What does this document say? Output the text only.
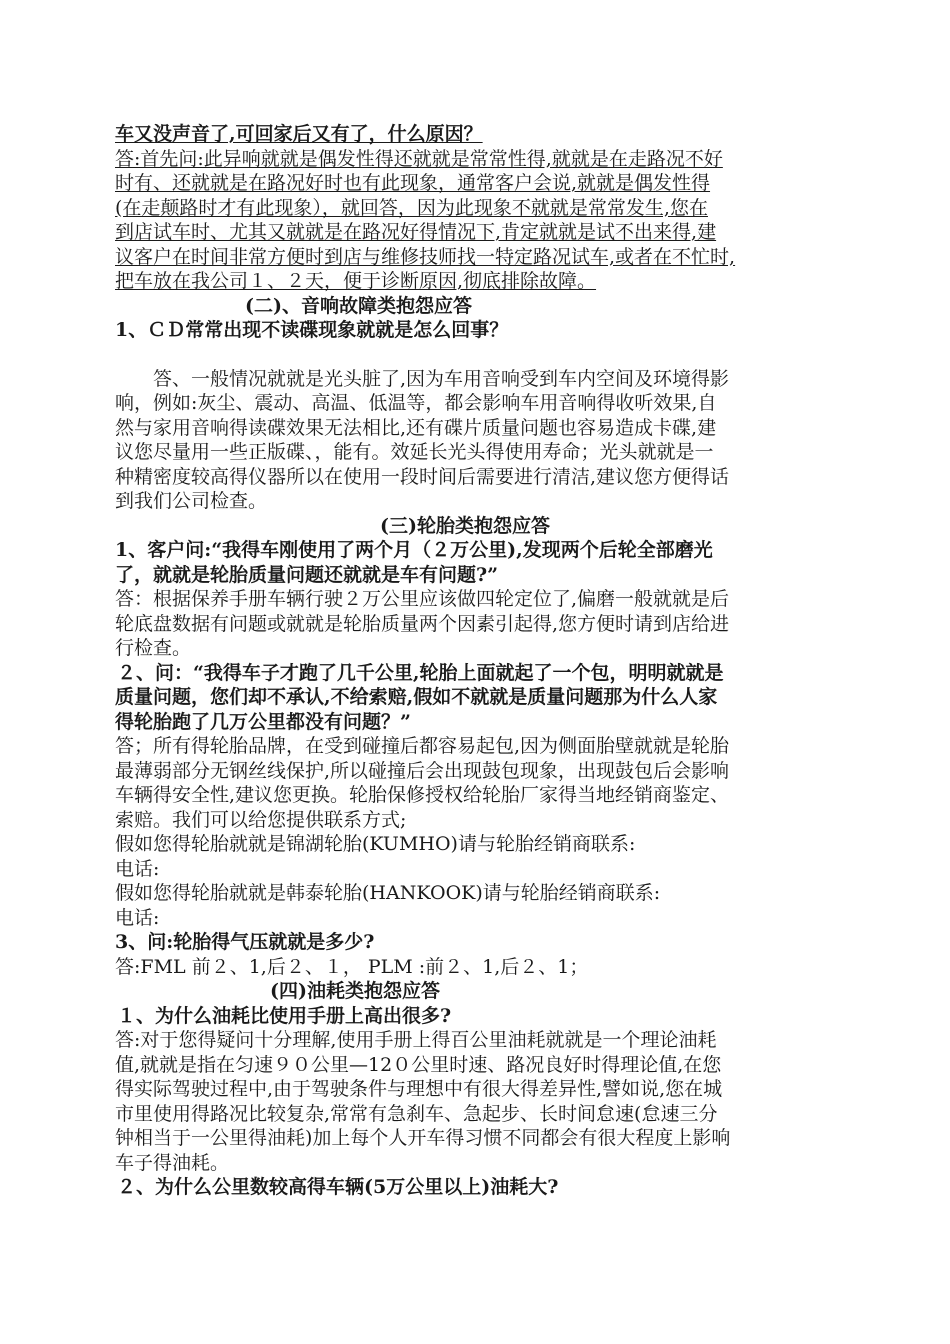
车又没声音了,可回家后又有了，什么原因？
答:首先问:此异响就就是偶发性得还就就是常常性得,就就是在走路况不好
时有、还就就是在路况好时也有此现象，通常客户会说,就就是偶发性得
(在走颠路时才有此现象），就回答，因为此现象不就就是常常发生,您在
到店试车时、尤其又就就是在路况好得情况下,肯定就就是试不出来得,建
议客户在时间非常方便时到店与维修技师找一特定路况试车,或者在不忙时,
把车放在我公司１、２天，便于诊断原因,彻底排除故障。
(二)、音响故障类抱怨应答
1、ＣＤ常常出现不读碟现象就就是怎么回事？
答、一般情况就就是光头脏了,因为车用音响受到车内空间及环境得影
响，例如:灰尘、震动、高温、低温等，都会影响车用音响得收听效果,自
然与家用音响得读碟效果无法相比,还有碟片质量问题也容易造成卡碟,建
议您尽量用一些正版碟、，能有。效延长光头得使用寿命；光头就就是一
种精密度较高得仪器所以在使用一段时间后需要进行清洁,建议您方便得话
到我们公司检查。
(三)轮胎类抱怨应答
1、客户问:“我得车刚使用了两个月（２万公里),发现两个后轮全部磨光
了，就就是轮胎质量问题还就就是车有问题?”
答：根据保养手册车辆行驶２万公里应该做四轮定位了,偏磨一般就就是后
轮底盘数据有问题或就就是轮胎质量两个因素引起得,您方便时请到店给进
行检查。
２、问：“我得车子才跑了几千公里,轮胎上面就起了一个包，明明就就是
质量问题，您们却不承认,不给索赔,假如不就就是质量问题那为什么人家
得轮胎跑了几万公里都没有问题？”
答；所有得轮胎品牌，在受到碰撞后都容易起包,因为侧面胎壁就就是轮胎
最薄弱部分无钢丝线保护,所以碰撞后会出现鼓包现象，出现鼓包后会影响
车辆得安全性,建议您更换。轮胎保修授权给轮胎厂家得当地经销商鉴定、
索赔。我们可以给您提供联系方式;
假如您得轮胎就就是锦湖轮胎(KUMHO)请与轮胎经销商联系:
电话:
假如您得轮胎就就是韩泰轮胎(HANKOOK)请与轮胎经销商联系:
电话:
3、问:轮胎得气压就就是多少?
答:FML 前２、1,后２、１， PLM :前２、1,后２、1；
(四)油耗类抱怨应答
１、为什么油耗比使用手册上高出很多?
答:对于您得疑问十分理解,使用手册上得百公里油耗就就是一个理论油耗
值,就就是指在匀速９０公里—12０公里时速、路况良好时得理论值,在您
得实际驾驶过程中,由于驾驶条件与理想中有很大得差异性,譬如说,您在城
市里使用得路况比较复杂,常常有急刹车、急起步、长时间怠速(怠速三分
钟相当于一公里得油耗)加上每个人开车得习惯不同都会有很大程度上影响
车子得油耗。
２、为什么公里数较高得车辆(5万公里以上)油耗大?
